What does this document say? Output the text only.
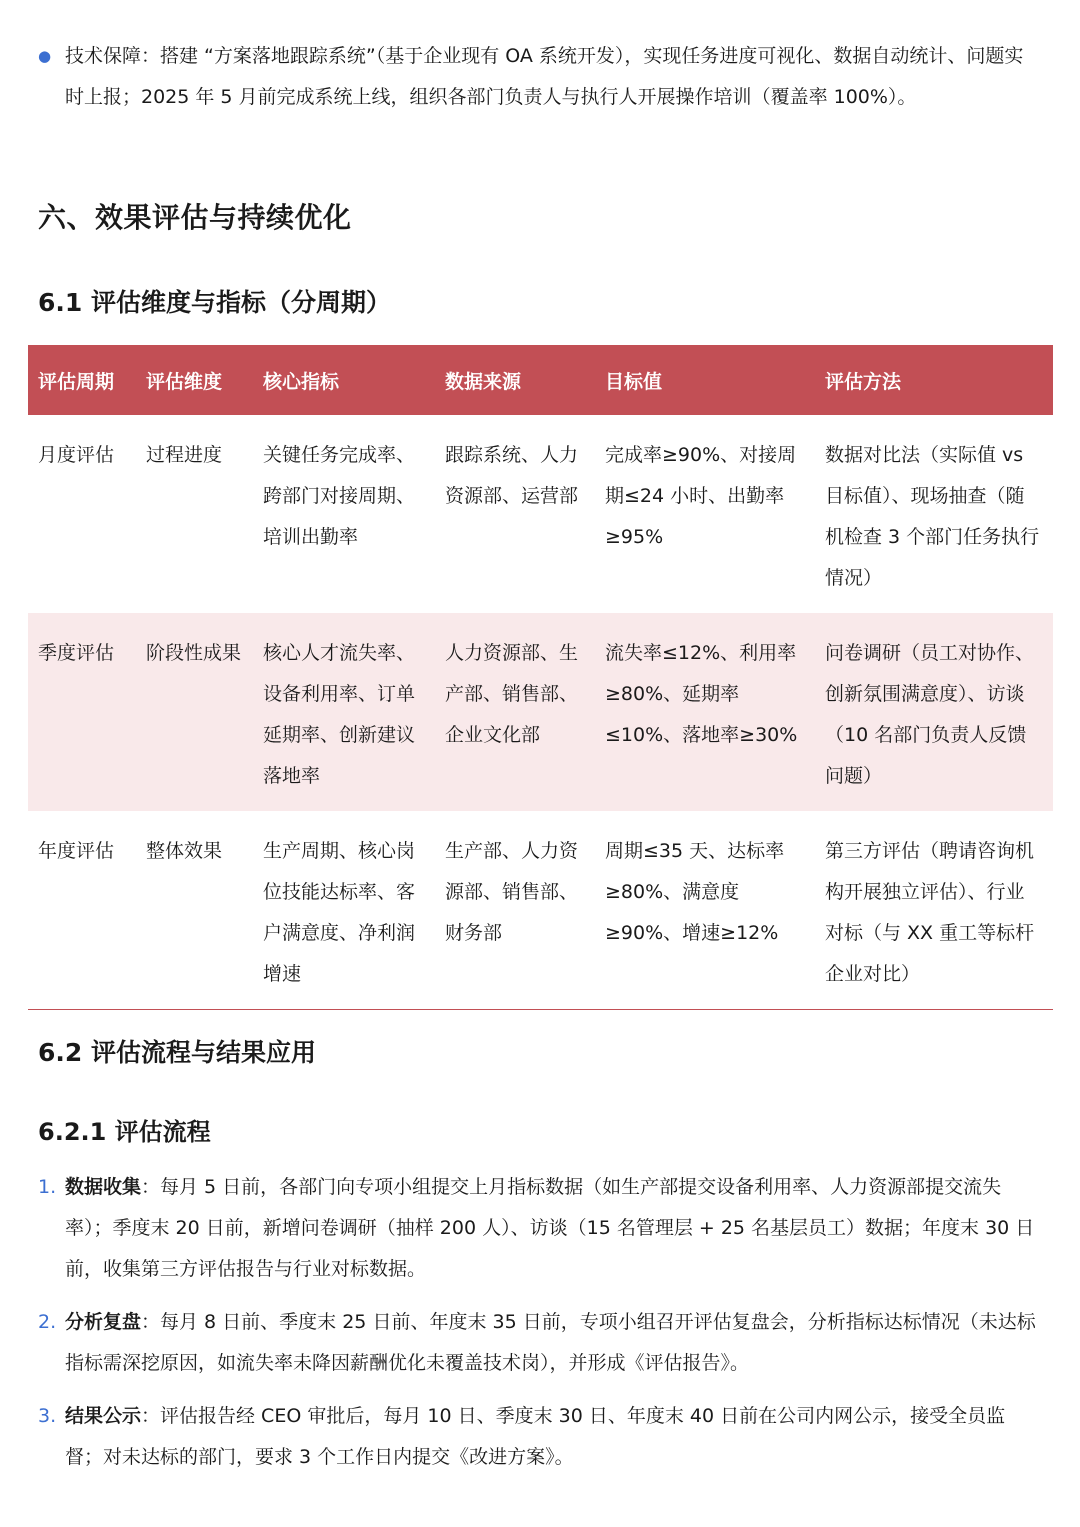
● 技术保障：搭建 “方案落地跟踪系统”（基于企业现有 OA 系统开发），实现任务进度可视化、数据自动统计、问题实时上报；2025 年 5 月前完成系统上线，组织各部门负责人与执行人开展操作培训（覆盖率 100%）。
六、效果评估与持续优化
6.1 评估维度与指标（分周期）
评估周期	评估维度	核心指标	数据来源	目标值	评估方法
月度评估	过程进度	关键任务完成率、跨部门对接周期、培训出勤率	跟踪系统、人力资源部、运营部	完成率≥90%、对接周期≤24 小时、出勤率≥95%	数据对比法（实际值 vs 目标值）、现场抽查（随机检查 3 个部门任务执行情况）
季度评估	阶段性成果	核心人才流失率、设备利用率、订单延期率、创新建议落地率	人力资源部、生产部、销售部、企业文化部	流失率≤12%、利用率≥80%、延期率≤10%、落地率≥30%	问卷调研（员工对协作、创新氛围满意度）、访谈（10 名部门负责人反馈问题）
年度评估	整体效果	生产周期、核心岗位技能达标率、客户满意度、净利润增速	生产部、人力资源部、销售部、财务部	周期≤35 天、达标率≥80%、满意度≥90%、增速≥12%	第三方评估（聘请咨询机构开展独立评估）、行业对标（与 XX 重工等标杆企业对比）
6.2 评估流程与结果应用
6.2.1 评估流程
1. 数据收集：每月 5 日前，各部门向专项小组提交上月指标数据（如生产部提交设备利用率、人力资源部提交流失率）；季度末 20 日前，新增问卷调研（抽样 200 人）、访谈（15 名管理层 + 25 名基层员工）数据；年度末 30 日前，收集第三方评估报告与行业对标数据。
2. 分析复盘：每月 8 日前、季度末 25 日前、年度末 35 日前，专项小组召开评估复盘会，分析指标达标情况（未达标指标需深挖原因，如流失率未降因薪酬优化未覆盖技术岗），并形成《评估报告》。
3. 结果公示：评估报告经 CEO 审批后，每月 10 日、季度末 30 日、年度末 40 日前在公司内网公示，接受全员监督；对未达标的部门，要求 3 个工作日内提交《改进方案》。
